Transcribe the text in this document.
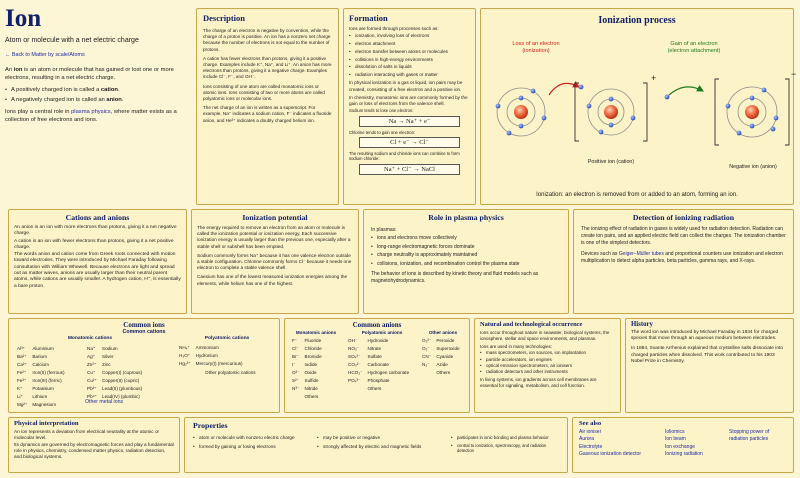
Ion
Atom or molecule with a net electric charge
← Back to Matter by scale/Atoms
An ion is an atom or molecule that has gained or lost one or more electrons, resulting in a net electric charge.
• A positively charged ion is called a cation.
• A negatively charged ion is called an anion.
Ions play a central role in plasma physics, where matter exists as a collection of free electrons and ions.
Description

The charge of an electron is negative by convention, while the charge of a proton is positive. An ion has a nonzero net charge because the number of electrons is not equal to the number of protons.

A cation has fewer electrons than protons, giving it a positive charge. Examples include K⁺, Na⁺, and Li⁺. An anion has more electrons than protons, giving it a negative charge. Examples include Cl⁻, F⁻, and OH⁻.

Ions consisting of one atom are called monatomic ions or atomic ions. Ions consisting of two or more atoms are called polyatomic ions or molecular ions.

The net charge of an ion is written as a superscript. For example, Na⁺ indicates a sodium cation, F⁻ indicates a fluoride anion, and He²⁺ indicates a doubly charged helium ion.

Formation
Ions are formed through processes such as:
• ionization, involving loss of electrons
• electron attachment
• electron transfer between atoms or molecules
• collisions in high-energy environments
• dissolution of salts in liquids
• radiation interacting with gases or matter
In physical ionization in a gas or liquid, ion pairs may be created, consisting of a free electron and a positive ion.
In chemistry, monatomic ions are commonly formed by the gain or loss of electrons from the valence shell.
Sodium tends to lose one electron:
Na → Na⁺ + e⁻
Chlorine tends to gain one electron:
Cl + e⁻ → Cl⁻
The resulting sodium and chloride ions can combine to form sodium chloride:
Na⁺ + Cl⁻ → NaCl
Ionization process
Loss of an electron
(ionization)
Gain of an electron
(electron attachment)
+	−
Positive ion (cation)
Negative ion (anion)
Ionization: an electron is removed from or added to an atom, forming an ion.
Cations and anions

An anion is an ion with more electrons than protons, giving it a net negative charge.

A cation is an ion with fewer electrons than protons, giving it a net positive charge.

The words anion and cation come from Greek roots connected with motion toward electrodes. They were introduced by Michael Faraday following consultation with William Whewell. Because electrons are light and spread out as matter waves, anions are usually larger than their neutral parent atoms, while cations are usually smaller. A hydrogen cation, H⁺, is essentially a bare proton.

Ionization potential

The energy required to remove an electron from an atom or molecule is called the ionization potential or ionization energy. Each successive ionization energy is usually larger than the previous one, especially after a stable shell or subshell has been emptied.

Sodium commonly forms Na⁺ because it has one valence electron outside a stable configuration. Chlorine commonly forms Cl⁻ because it needs one electron to complete a stable valence shell.

Caesium has one of the lowest measured ionization energies among the elements, while helium has one of the highest.

Role in plasma physics
In plasmas:
• ions and electrons move collectively
• long-range electromagnetic forces dominate
• charge neutrality is approximately maintained
• collisions, ionization, and recombination control the plasma state
The behavior of ions is described by kinetic theory and fluid models such as magnetohydrodynamics.
Detection of ionizing radiation
The ionizing effect of radiation in gases is widely used for radiation detection. Radiation can create ion pairs, and an applied electric field can collect the charges. The ionization chamber is one of the simplest detectors.
Devices such as Geiger–Müller tubes and proportional counters use ionization and electron multiplication to detect alpha particles, beta particles, gamma rays, and X-rays.
Common ions
Common cations
Monatomic cations
Al³⁺	Aluminium
Ba²⁺	Barium
Ca²⁺	Calcium
Fe²⁺	Iron(II) (ferrous)
Fe³⁺	Iron(III) (ferric)
K⁺	Potassium
Li⁺	Lithium
Mg²⁺	Magnesium
Na⁺	Sodium
Ag⁺	Silver
Zn²⁺	Zinc
Cu⁺	Copper(I) (cuprous)
Cu²⁺	Copper(II) (cupric)
Pb²⁺	Lead(II) (plumbous)
Pb⁴⁺	Lead(IV) (plumbic)
Other metal ions
Polyatomic cations
NH₄⁺	Ammonium
H₃O⁺	Hydronium
Hg₂²⁺	Mercury(I) (mercurous)
Other polyatomic cations
Common anions
Monatomic anions
F⁻	Fluoride
Cl⁻	Chloride
Br⁻	Bromide
I⁻	Iodide
O²⁻	Oxide
S²⁻	Sulfide
N³⁻	Nitride
	Others
Polyatomic anions
OH⁻	Hydroxide
NO₃⁻	Nitrate
SO₄²⁻	Sulfate
CO₃²⁻	Carbonate
HCO₃⁻	Hydrogen carbonate
PO₄³⁻	Phosphate
	Others
Other anions
O₂²⁻	Peroxide
O₂⁻	Superoxide
CN⁻	Cyanide
N₃⁻	Azide
	Others
Natural and technological occurrence
Ions occur throughout nature in seawater, biological systems, the ionosphere, stellar and space environments, and plasmas.
Ions are used in many technologies:
• mass spectrometers, ion sources, ion implantation
• particle accelerators, ion engines
• optical emission spectrometers, air ionisers
• radiation detectors and other instruments
In living systems, ion gradients across cell membranes are essential for signaling, metabolism, and cell function.
History
The word ion was introduced by Michael Faraday in 1834 for charged species that move through an aqueous medium between electrodes.
In 1884, Svante Arrhenius explained that crystalline salts dissociate into charged particles when dissolved. This work contributed to his 1903 Nobel Prize in Chemistry.
Physical interpretation
An ion represents a deviation from electrical neutrality at the atomic or molecular level.
Its dynamics are governed by electromagnetic forces and play a fundamental role in physics, chemistry, condensed matter physics, radiation detection, and biological systems.
Properties
• atom or molecule with nonzero electric charge
• formed by gaining or losing electrons
• may be positive or negative
• strongly affected by electric and magnetic fields
• participates in ionic bonding and plasma behavior
• central to ionization, spectroscopy, and radiation detection
See also
Air ioniser
Aurora
Electrolyte
Gaseous ionization detector
Ioliomics
Ion beam
Ion exchange
Ionizing radiation
Stopping power of radiation particles
